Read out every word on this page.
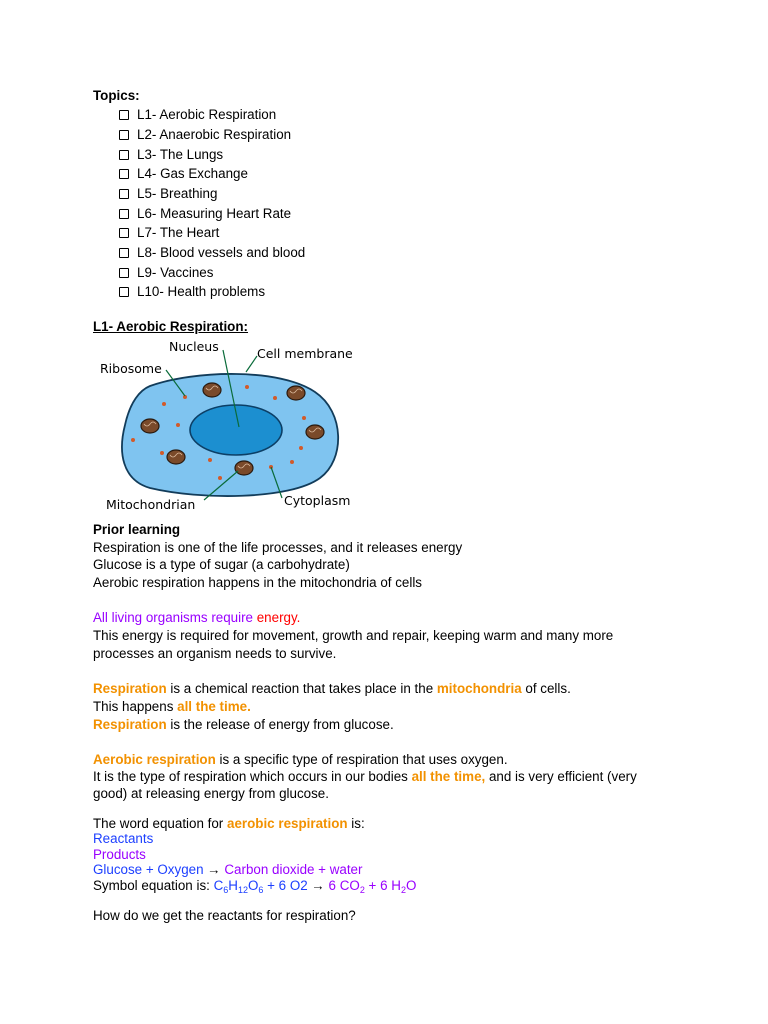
Topics:
L1- Aerobic Respiration
L2- Anaerobic Respiration
L3- The Lungs
L4- Gas Exchange
L5- Breathing
L6- Measuring Heart Rate
L7- The Heart
L8- Blood vessels and blood
L9- Vaccines
L10- Health problems
L1- Aerobic Respiration:
Nucleus	Cell membrane
Ribosome
Mitochondrian	Cytoplasm
Prior learning
Respiration is one of the life processes, and it releases energy
Glucose is a type of sugar (a carbohydrate)
Aerobic respiration happens in the mitochondria of cells
All living organisms require energy.
This energy is required for movement, growth and repair, keeping warm and many more
processes an organism needs to survive.
Respiration is a chemical reaction that takes place in the mitochondria of cells.
This happens all the time.
Respiration is the release of energy from glucose.
Aerobic respiration is a specific type of respiration that uses oxygen.
It is the type of respiration which occurs in our bodies all the time, and is very efficient (very
good) at releasing energy from glucose.
The word equation for aerobic respiration is:
Reactants
Products
Glucose + Oxygen → Carbon dioxide + water
Symbol equation is: $C_6H_{12}O_6 + 6$ O2 → 6 $CO_2 + 6$ $H_2O$
How do we get the reactants for respiration?
